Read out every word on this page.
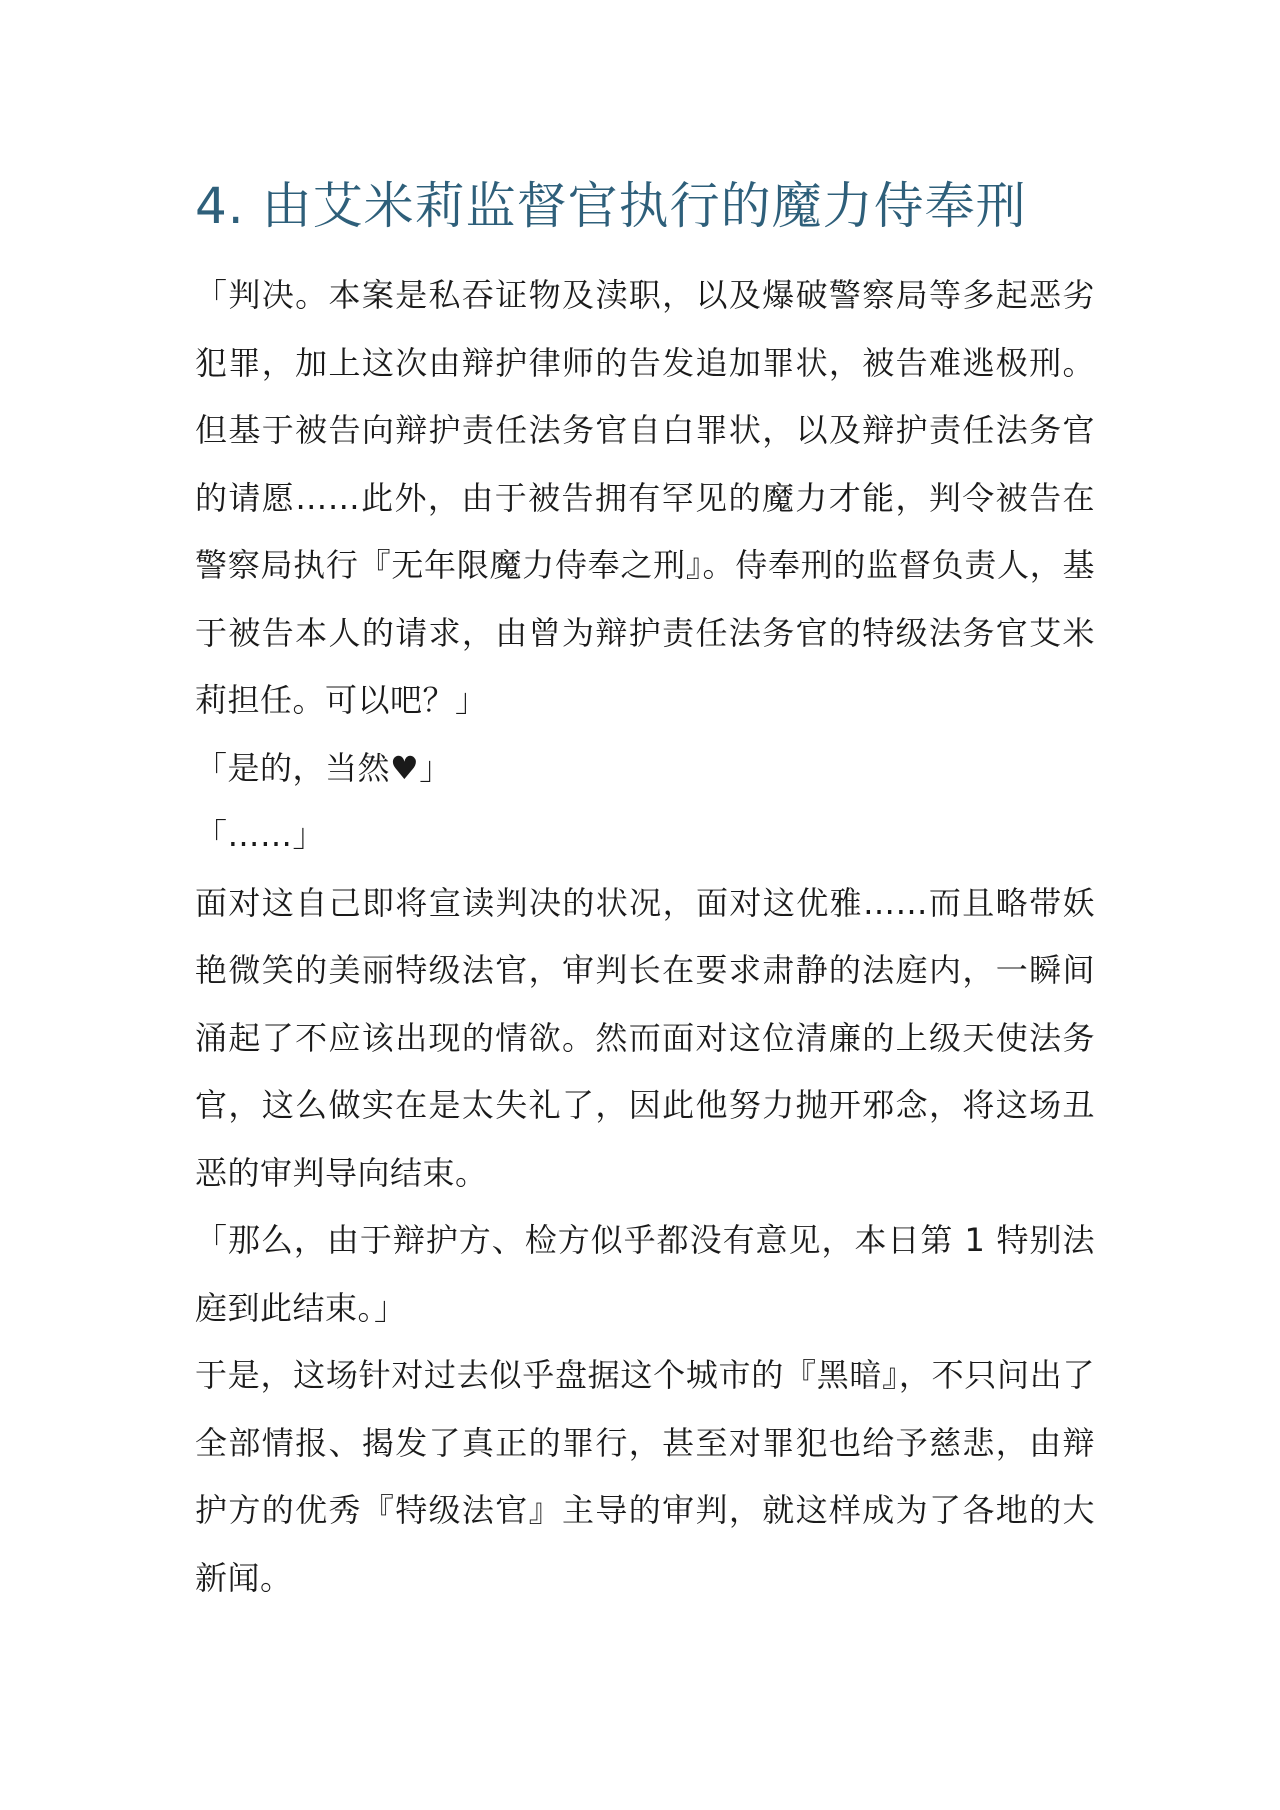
4. 由艾米莉监督官执行的魔力侍奉刑

「判决。本案是私吞证物及渎职，以及爆破警察局等多起恶劣犯罪，加上这次由辩护律师的告发追加罪状，被告难逃极刑。但基于被告向辩护责任法务官自白罪状，以及辩护责任法务官的请愿……此外，由于被告拥有罕见的魔力才能，判令被告在警察局执行『无年限魔力侍奉之刑』。侍奉刑的监督负责人，基于被告本人的请求，由曾为辩护责任法务官的特级法务官艾米莉担任。可以吧？」

「是的，当然♥」

「……」

面对这自己即将宣读判决的状况，面对这优雅……而且略带妖艳微笑的美丽特级法官，审判长在要求肃静的法庭内，一瞬间涌起了不应该出现的情欲。然而面对这位清廉的上级天使法务官，这么做实在是太失礼了，因此他努力抛开邪念，将这场丑恶的审判导向结束。

「那么，由于辩护方、检方似乎都没有意见，本日第 1 特别法庭到此结束。」

于是，这场针对过去似乎盘据这个城市的『黑暗』，不只问出了全部情报、揭发了真正的罪行，甚至对罪犯也给予慈悲，由辩护方的优秀『特级法官』主导的审判，就这样成为了各地的大新闻。
